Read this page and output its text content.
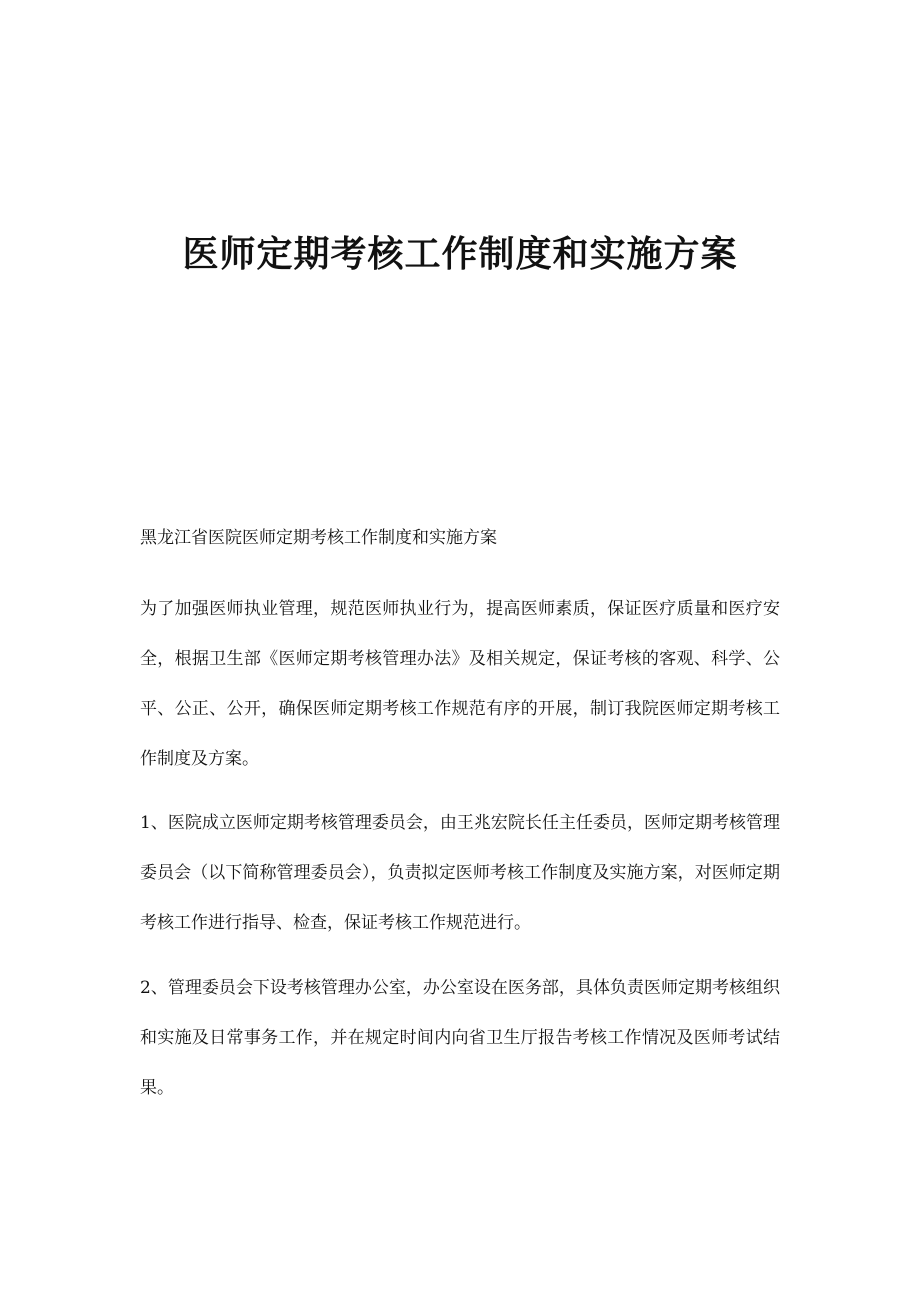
医师定期考核工作制度和实施方案

黑龙江省医院医师定期考核工作制度和实施方案

为了加强医师执业管理，规范医师执业行为，提高医师素质，保证医疗质量和医疗安全，根据卫生部《医师定期考核管理办法》及相关规定，保证考核的客观、科学、公平、公正、公开，确保医师定期考核工作规范有序的开展，制订我院医师定期考核工作制度及方案。

1、医院成立医师定期考核管理委员会，由王兆宏院长任主任委员，医师定期考核管理委员会（以下简称管理委员会），负责拟定医师考核工作制度及实施方案，对医师定期考核工作进行指导、检查，保证考核工作规范进行。

2、管理委员会下设考核管理办公室，办公室设在医务部，具体负责医师定期考核组织和实施及日常事务工作，并在规定时间内向省卫生厅报告考核工作情况及医师考试结果。
